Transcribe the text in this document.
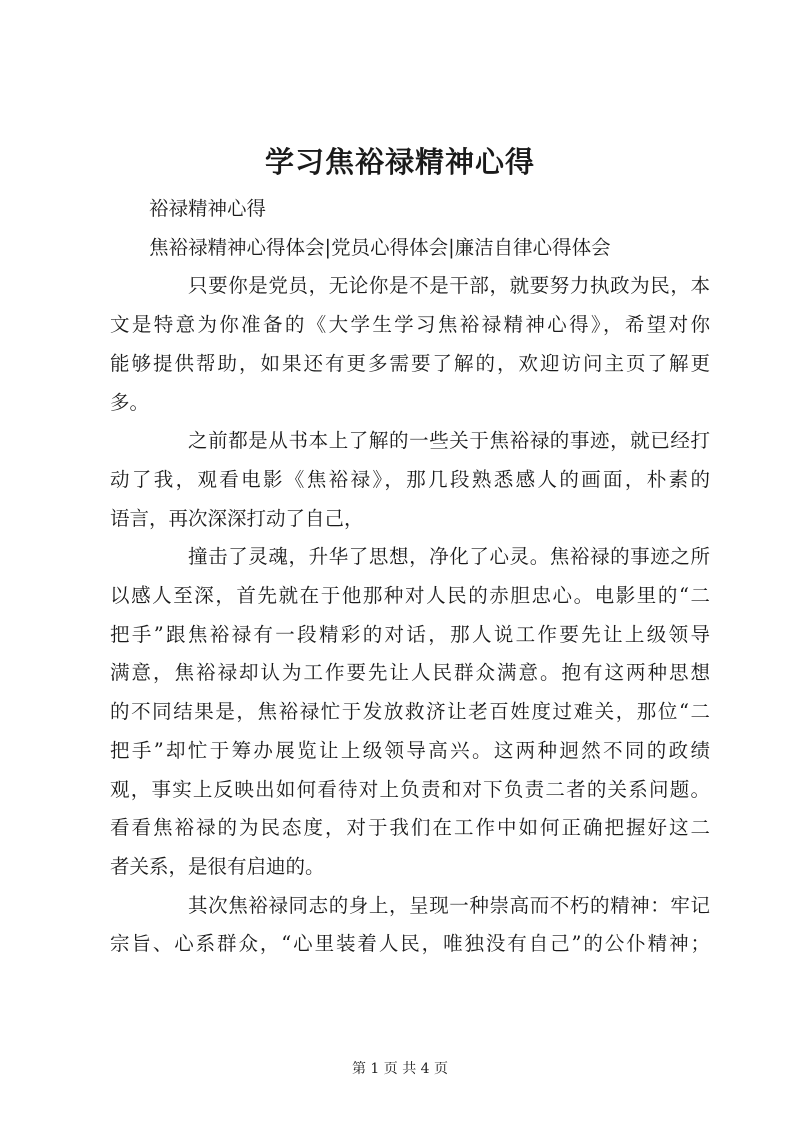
学习焦裕禄精神心得

裕禄精神心得

焦裕禄精神心得体会|党员心得体会|廉洁自律心得体会

只要你是党员，无论你是不是干部，就要努力执政为民，本
文是特意为你准备的《大学生学习焦裕禄精神心得》，希望对你
能够提供帮助，如果还有更多需要了解的，欢迎访问主页了解更
多。
之前都是从书本上了解的一些关于焦裕禄的事迹，就已经打
动了我，观看电影《焦裕禄》，那几段熟悉感人的画面，朴素的
语言，再次深深打动了自己，
撞击了灵魂，升华了思想，净化了心灵。焦裕禄的事迹之所
以感人至深，首先就在于他那种对人民的赤胆忠心。电影里的“二
把手”跟焦裕禄有一段精彩的对话，那人说工作要先让上级领导
满意，焦裕禄却认为工作要先让人民群众满意。抱有这两种思想
的不同结果是，焦裕禄忙于发放救济让老百姓度过难关，那位“二
把手”却忙于筹办展览让上级领导高兴。这两种迥然不同的政绩
观，事实上反映出如何看待对上负责和对下负责二者的关系问题。
看看焦裕禄的为民态度，对于我们在工作中如何正确把握好这二
者关系，是很有启迪的。
其次焦裕禄同志的身上，呈现一种崇高而不朽的精神：牢记
宗旨、心系群众，“心里装着人民，唯独没有自己”的公仆精神；
第 1 页 共 4 页
